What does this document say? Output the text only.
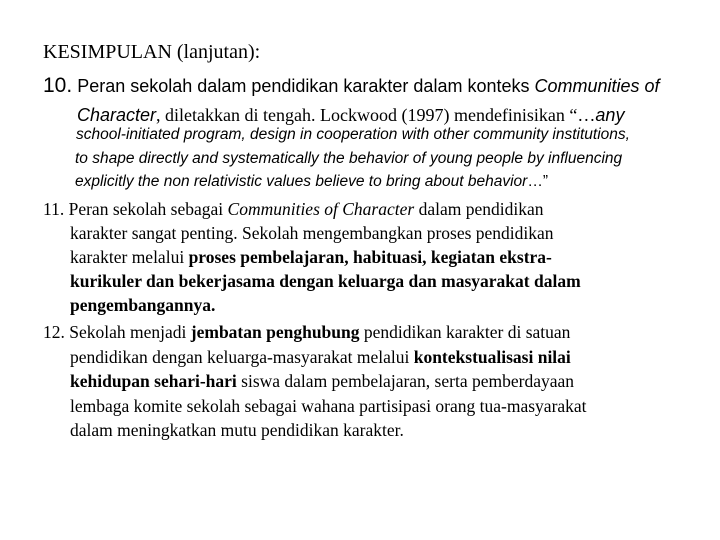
KESIMPULAN (lanjutan):
10. Peran sekolah dalam pendidikan karakter dalam konteks Communities of
Character, diletakkan di tengah. Lockwood (1997) mendefinisikan “…any
school-initiated program, design in cooperation with other community institutions,
to shape directly and systematically the behavior of young people by influencing
explicitly the non relativistic values believe to bring about behavior…”
11. Peran sekolah sebagai Communities of Character dalam pendidikan
karakter sangat penting. Sekolah mengembangkan proses pendidikan
karakter melalui proses pembelajaran, habituasi, kegiatan ekstra-
kurikuler dan bekerjasama dengan keluarga dan masyarakat dalam
pengembangannya.
12. Sekolah menjadi jembatan penghubung pendidikan karakter di satuan
pendidikan dengan keluarga-masyarakat melalui kontekstualisasi nilai
kehidupan sehari-hari siswa dalam pembelajaran, serta pemberdayaan
lembaga komite sekolah sebagai wahana partisipasi orang tua-masyarakat
dalam meningkatkan mutu pendidikan karakter.
